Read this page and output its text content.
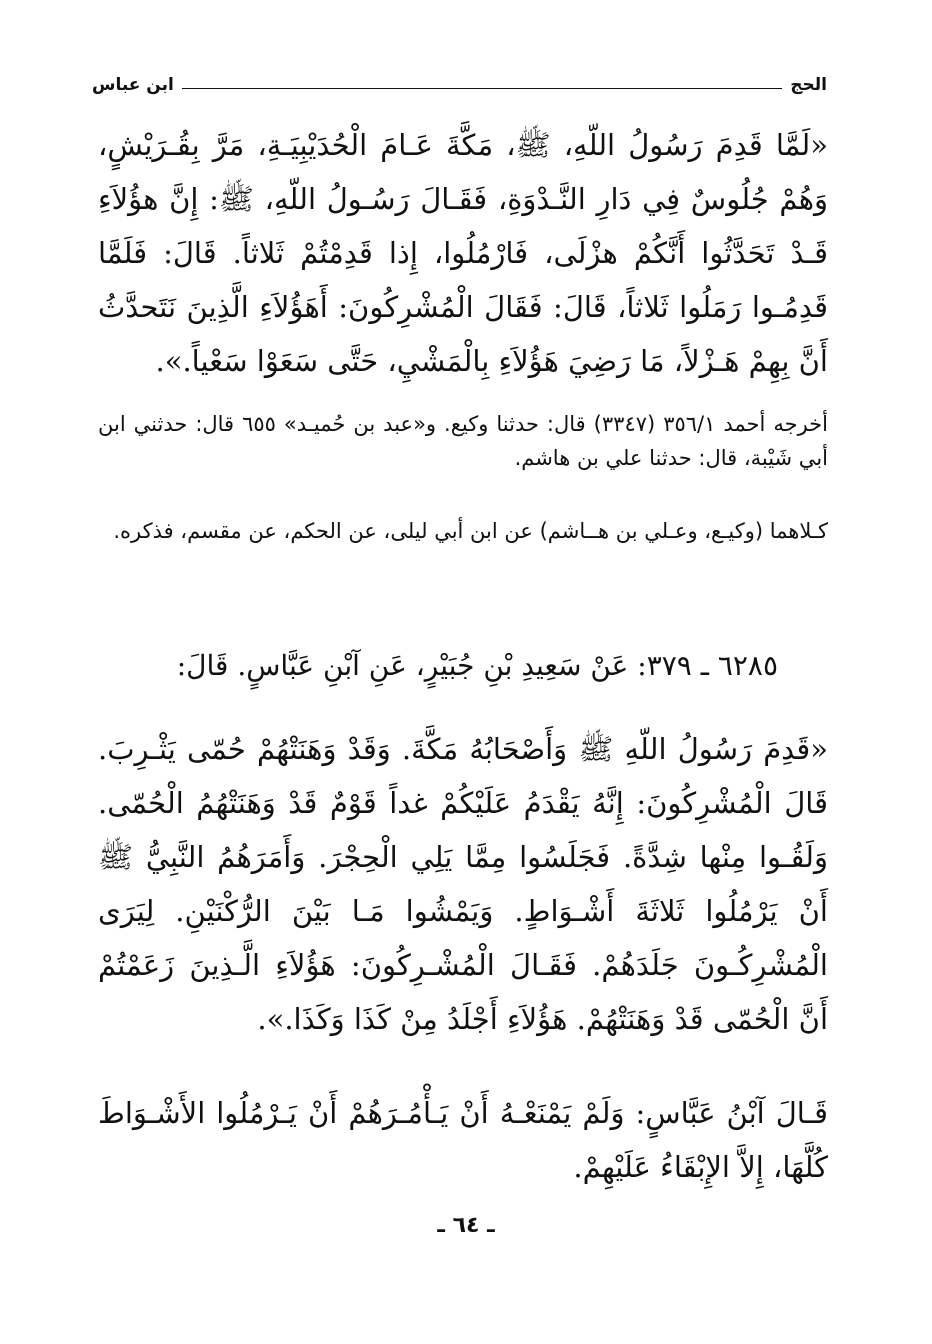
الحج
ابن عباس

«لَمَّا قَدِمَ رَسُولُ اللّهِ، ﷺ، مَكَّةَ عَـامَ الْحُدَيْبِيَـةِ، مَرَّ بِقُـرَيْشٍ، وَهُمْ جُلُوسٌ فِي دَارِ النَّـدْوَةِ، فَقَـالَ رَسُـولُ اللّهِ، ﷺ: إِنَّ هؤُلاَءِ قَـدْ تَحَدَّثُوا أَنَّكُمْ هزْلَى، فَارْمُلُوا، إِذا قَدِمْتُمْ ثَلاثاً. قَالَ: فَلَمَّا قَدِمُـوا رَمَلُوا ثَلاثاً، قَالَ: فَقَالَ الْمُشْرِكُونَ: أَهَؤُلاَءِ الَّذِينَ نَتَحدَّثُ أَنَّ بِهِمْ هَـزْلاً، مَا رَضِيَ هَؤُلاَءِ بِالْمَشْيِ، حَتَّى سَعَوْا سَعْياً.».

أخرجه أحمد ٣٥٦/١ (٣٣٤٧) قال: حدثنا وكيع. و«عبد بن حُميـد» ٦٥٥ قال: حدثني ابن أبي شَيْبة، قال: حدثنا علي بن هاشم.

كـلاهما (وكيـع، وعـلي بن هــاشم) عن ابن أبي ليلى، عن الحكم، عن مقسم، فذكره.

٦٢٨٥ ـ ٣٧٩: عَنْ سَعِيدِ بْنِ جُبَيْرٍ، عَنِ آبْنِ عَبَّاسٍ. قَالَ:

«قَدِمَ رَسُولُ اللّهِ ﷺ وَأَصْحَابُهُ مَكَّةَ. وَقَدْ وَهَنَتْهُمْ حُمّى يَثْـرِبَ. قَالَ الْمُشْرِكُونَ: إِنَّهُ يَقْدَمُ عَلَيْكُمْ غداً قَوْمٌ قَدْ وَهَنَتْهُمُ الْحُمّى. وَلَقُـوا مِنْها شِدَّةً. فَجَلَسُوا مِمَّا يَلِي الْحِجْرَ. وَأَمَرَهُمُ النَّبِيُّ ﷺ أَنْ يَرْمُلُوا ثَلاثَةَ أَشْـوَاطٍ. وَيَمْشُوا مَـا بَيْنَ الرُّكْنَيْنِ. لِيَرَى الْمُشْرِكُـونَ جَلَدَهُمْ. فَقَـالَ الْمُشْـرِكُونَ: هَؤُلاَءِ الَّـذِينَ زَعَمْتُمْ أَنَّ الْحُمّى قَدْ وَهَنَتْهُمْ. هَؤُلاَءِ أَجْلَدُ مِنْ كَذَا وَكَذَا.».

قَـالَ آبْنُ عَبَّاسٍ: وَلَمْ يَمْنَعْـهُ أَنْ يَـأْمُـرَهُمْ أَنْ يَـرْمُلُوا الأَشْـوَاطَ كُلَّهَا، إِلاَّ الإِبْقَاءُ عَلَيْهِمْ.

ـ ٦٤ ـ
